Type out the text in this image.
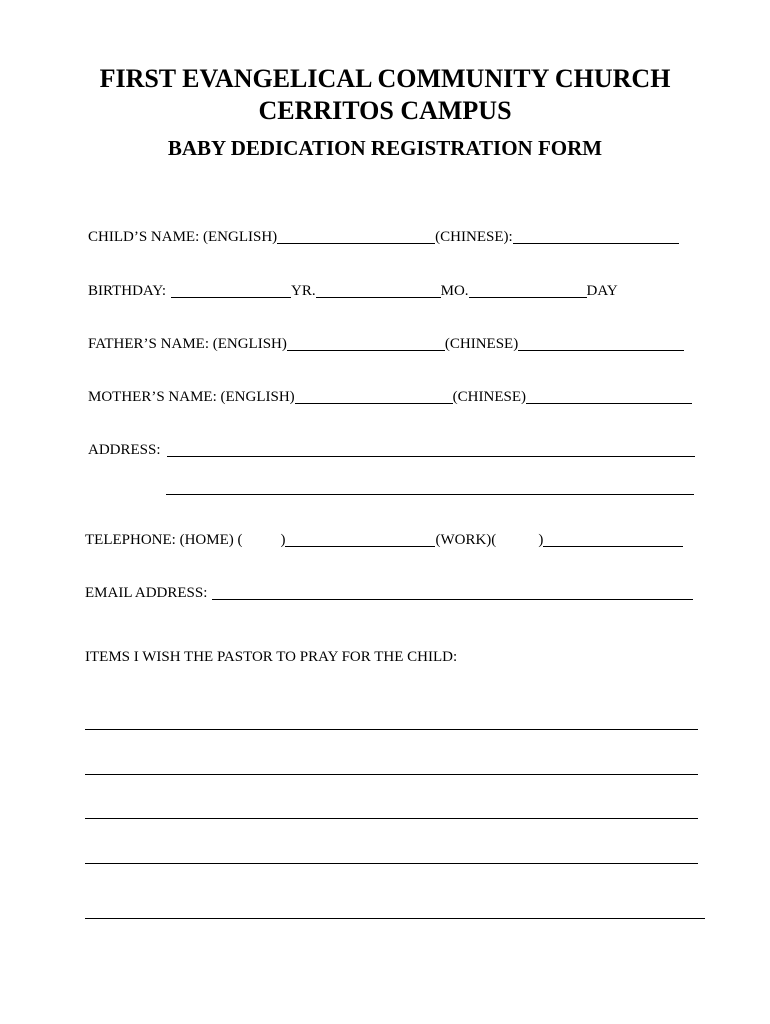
FIRST EVANGELICAL COMMUNITY CHURCH
CERRITOS CAMPUS
BABY DEDICATION REGISTRATION FORM
CHILD’S NAME: (ENGLISH)	(CHINESE):
BIRTHDAY:	YR.	MO.	DAY
FATHER’S NAME: (ENGLISH)	(CHINESE)
MOTHER’S NAME: (ENGLISH)	(CHINESE)
ADDRESS:
TELEPHONE: (HOME) (	)	(WORK)(	)
EMAIL ADDRESS:
ITEMS I WISH THE PASTOR TO PRAY FOR THE CHILD:
